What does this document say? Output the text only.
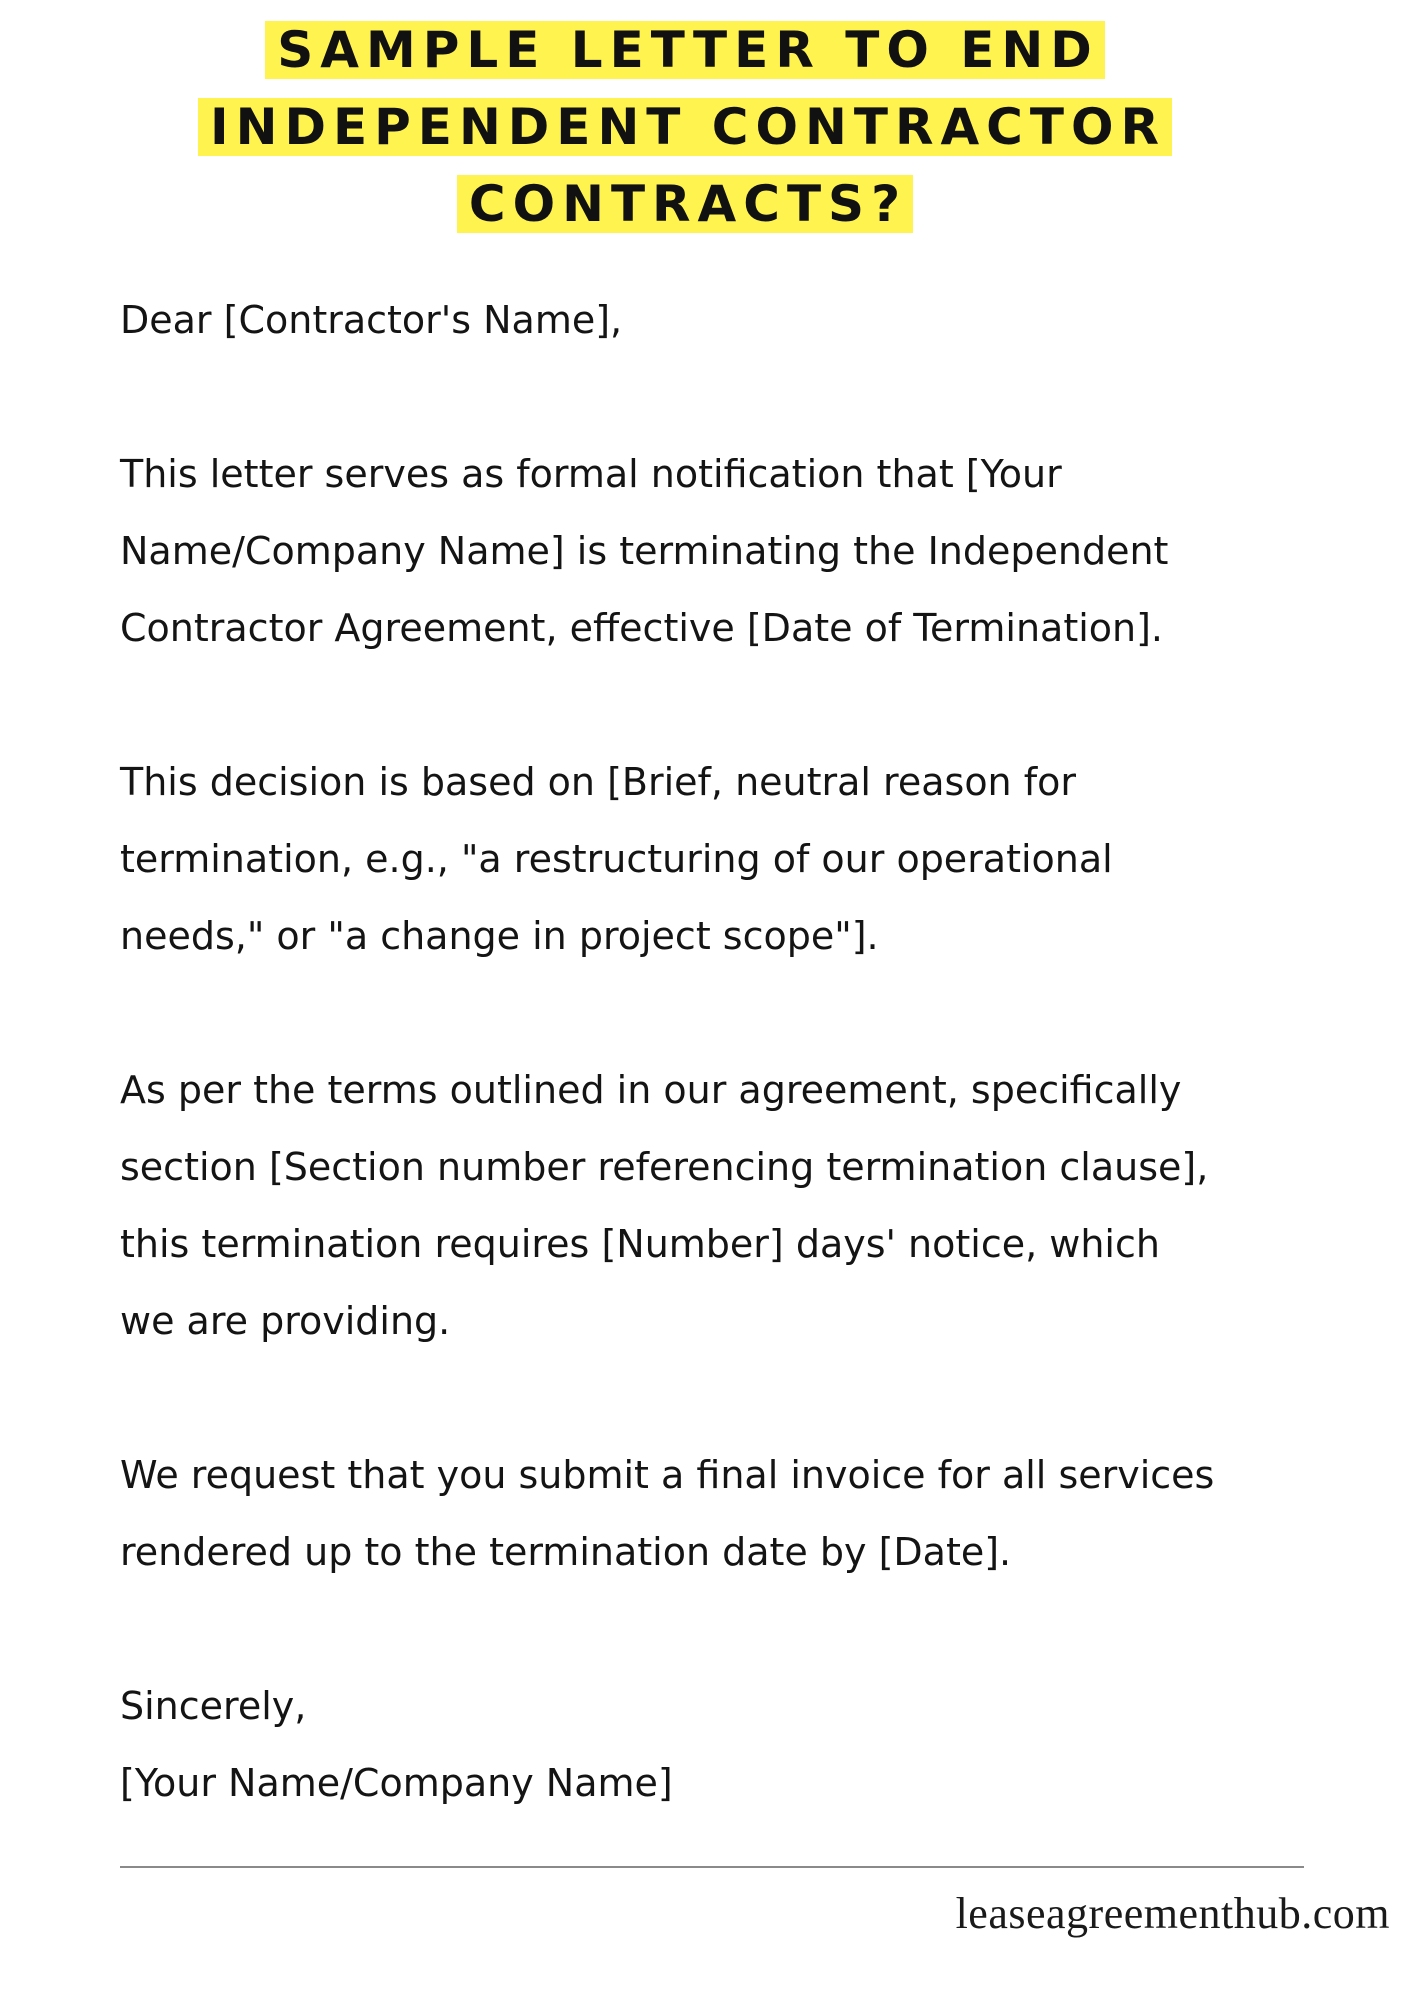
SAMPLE LETTER TO END
INDEPENDENT CONTRACTOR
CONTRACTS?

Dear [Contractor's Name],

This letter serves as formal notification that [Your

Name/Company Name] is terminating the Independent

Contractor Agreement, effective [Date of Termination].

This decision is based on [Brief, neutral reason for

termination, e.g., "a restructuring of our operational

needs," or "a change in project scope"].

As per the terms outlined in our agreement, specifically

section [Section number referencing termination clause],

this termination requires [Number] days' notice, which

we are providing.

We request that you submit a final invoice for all services

rendered up to the termination date by [Date].

Sincerely,

[Your Name/Company Name]

leaseagreementhub.com
